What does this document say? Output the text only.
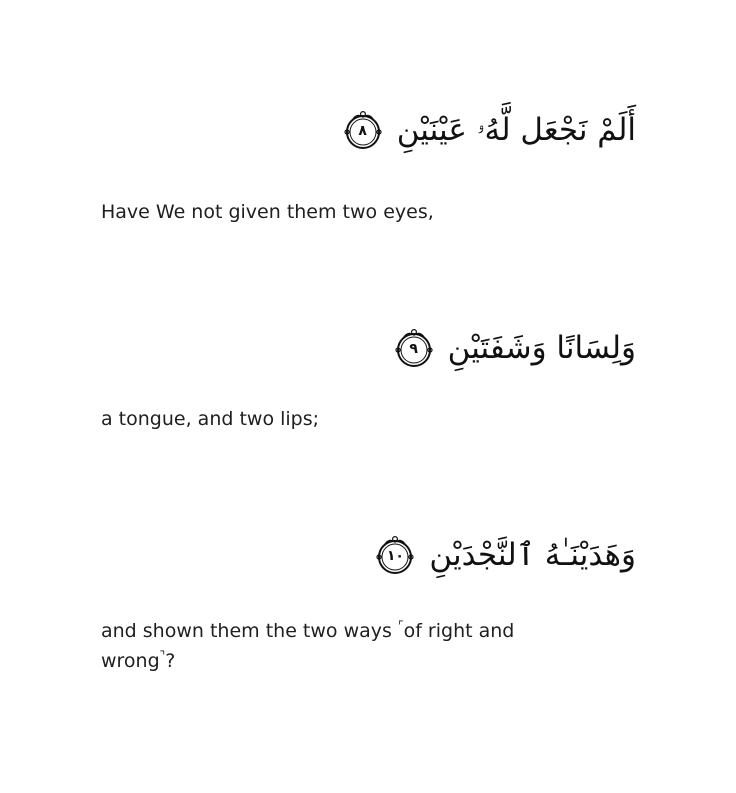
أَلَمْ نَجْعَل لَّهُۥ عَيْنَيْنِ
٨
Have We not given them two eyes,
وَلِسَانًا وَشَفَتَيْنِ
٩
a tongue, and two lips;
وَهَدَيْنَـٰهُ ٱلنَّجْدَيْنِ
١٠
and shown them the two ways ⌜of right and wrong⌝?
